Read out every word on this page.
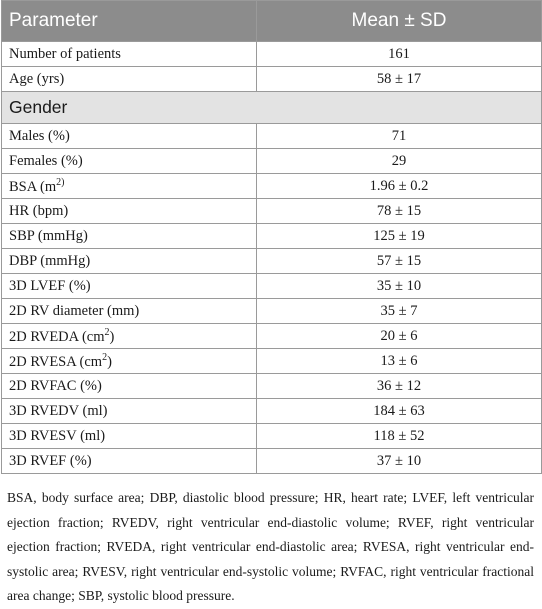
Parameter	Mean ± SD
Number of patients	161
Age (yrs)	58 ± 17
Gender	
Males (%)	71
Females (%)	29
BSA ($m^{2)}$	1.96 ± 0.2
HR (bpm)	78 ± 15
SBP (mmHg)	125 ± 19
DBP (mmHg)	57 ± 15
3D LVEF (%)	35 ± 10
2D RV diameter (mm)	35 ± 7
2D RVEDA $(cm^2)$	20 ± 6
2D RVESA $(cm^2)$	13 ± 6
2D RVFAC (%)	36 ± 12
3D RVEDV (ml)	184 ± 63
3D RVESV (ml)	118 ± 52
3D RVEF (%)	37 ± 10
BSA, body surface area; DBP, diastolic blood pressure; HR, heart rate; LVEF, left ventricular ejection fraction; RVEDV, right ventricular end-diastolic volume; RVEF, right ventricular ejection fraction; RVEDA, right ventricular end-diastolic area; RVESA, right ventricular end-systolic area; RVESV, right ventricular end-systolic volume; RVFAC, right ventricular fractional area change; SBP, systolic blood pressure.
